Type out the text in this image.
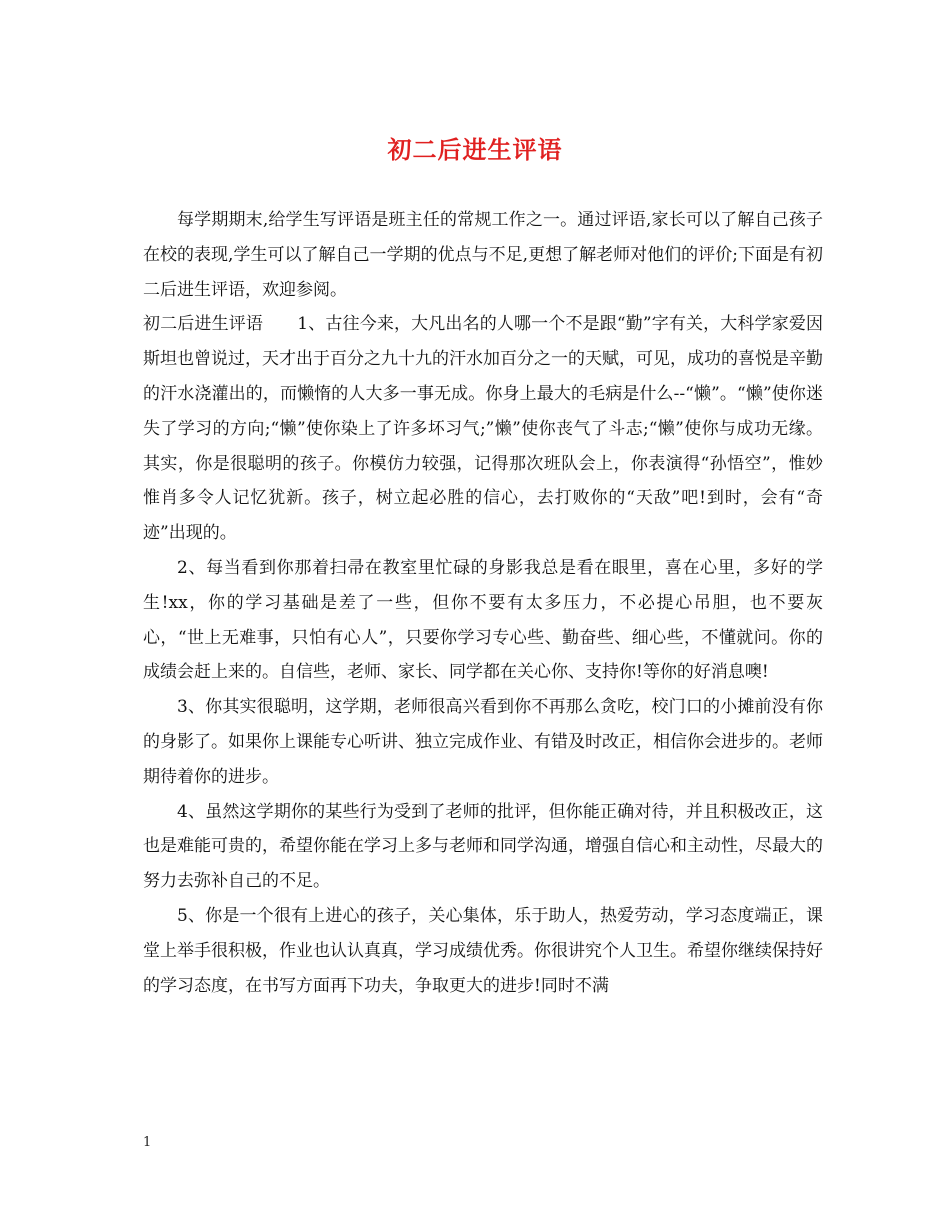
初二后进生评语

每学期期末,给学生写评语是班主任的常规工作之一。通过评语,家长可以了解自己孩子在校的表现,学生可以了解自己一学期的优点与不足,更想了解老师对他们的评价;下面是有初二后进生评语，欢迎参阅。

初二后进生评语　　1、古往今来，大凡出名的人哪一个不是跟“勤”字有关，大科学家爱因斯坦也曾说过，天才出于百分之九十九的汗水加百分之一的天赋，可见，成功的喜悦是辛勤的汗水浇灌出的，而懒惰的人大多一事无成。你身上最大的毛病是什么--“懒”。“懒”使你迷失了学习的方向;“懒”使你染上了许多坏习气;”懒”使你丧气了斗志;“懒”使你与成功无缘。其实，你是很聪明的孩子。你模仿力较强，记得那次班队会上，你表演得“孙悟空”，惟妙惟肖多令人记忆犹新。孩子，树立起必胜的信心，去打败你的“天敌”吧!到时，会有“奇迹”出现的。

2、每当看到你那着扫帚在教室里忙碌的身影我总是看在眼里，喜在心里，多好的学生!xx，你的学习基础是差了一些，但你不要有太多压力，不必提心吊胆，也不要灰心，“世上无难事，只怕有心人”，只要你学习专心些、勤奋些、细心些，不懂就问。你的成绩会赶上来的。自信些，老师、家长、同学都在关心你、支持你!等你的好消息噢!

3、你其实很聪明，这学期，老师很高兴看到你不再那么贪吃，校门口的小摊前没有你的身影了。如果你上课能专心听讲、独立完成作业、有错及时改正，相信你会进步的。老师期待着你的进步。

4、虽然这学期你的某些行为受到了老师的批评，但你能正确对待，并且积极改正，这也是难能可贵的，希望你能在学习上多与老师和同学沟通，增强自信心和主动性，尽最大的努力去弥补自己的不足。

5、你是一个很有上进心的孩子，关心集体，乐于助人，热爱劳动，学习态度端正，课堂上举手很积极，作业也认认真真，学习成绩优秀。你很讲究个人卫生。希望你继续保持好的学习态度，在书写方面再下功夫，争取更大的进步!同时不满

1
